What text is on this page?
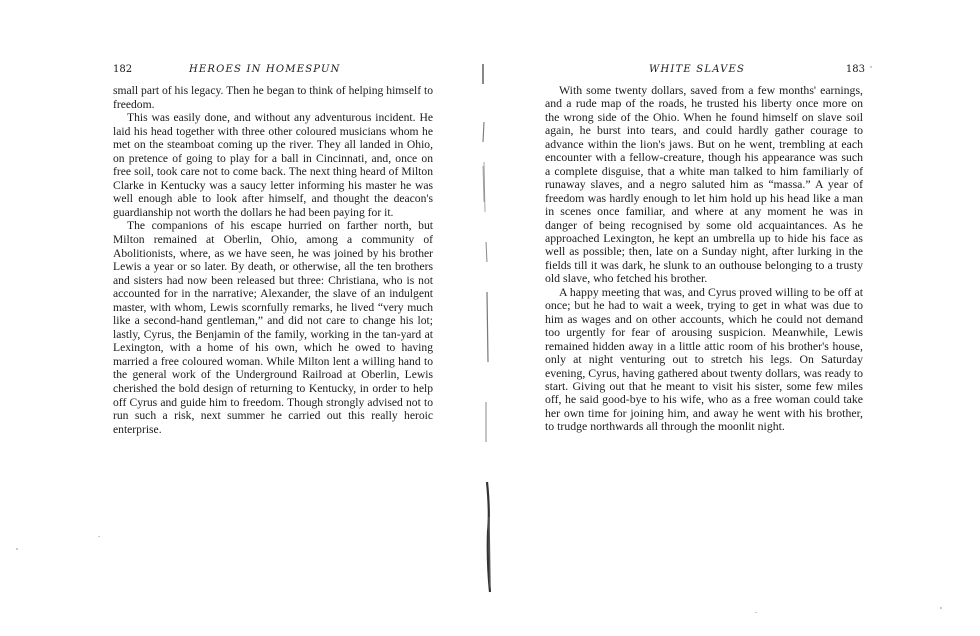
182	HEROES IN HOMESPUN

small part of his legacy. Then he began to think of helping himself to freedom.

This was easily done, and without any adventurous incident. He laid his head together with three other coloured musicians whom he met on the steamboat coming up the river. They all landed in Ohio, on pretence of going to play for a ball in Cincinnati, and, once on free soil, took care not to come back. The next thing heard of Milton Clarke in Kentucky was a saucy letter informing his master he was well enough able to look after himself, and thought the deacon's guardianship not worth the dollars he had been paying for it.

The companions of his escape hurried on farther north, but Milton remained at Oberlin, Ohio, among a community of Abolitionists, where, as we have seen, he was joined by his brother Lewis a year or so later. By death, or otherwise, all the ten brothers and sisters had now been released but three: Christiana, who is not accounted for in the narrative; Alexander, the slave of an indulgent master, with whom, Lewis scornfully remarks, he lived “very much like a second-hand gentleman,” and did not care to change his lot; lastly, Cyrus, the Benjamin of the family, working in the tan-yard at Lexington, with a home of his own, which he owed to having married a free coloured woman. While Milton lent a willing hand to the general work of the Underground Railroad at Oberlin, Lewis cherished the bold design of returning to Kentucky, in order to help off Cyrus and guide him to freedom. Though strongly advised not to run such a risk, next summer he carried out this really heroic enterprise.

WHITE SLAVES	183

With some twenty dollars, saved from a few months' earnings, and a rude map of the roads, he trusted his liberty once more on the wrong side of the Ohio. When he found himself on slave soil again, he burst into tears, and could hardly gather courage to advance within the lion's jaws. But on he went, trembling at each encounter with a fellow-creature, though his appearance was such a complete disguise, that a white man talked to him familiarly of runaway slaves, and a negro saluted him as “massa.” A year of freedom was hardly enough to let him hold up his head like a man in scenes once familiar, and where at any moment he was in danger of being recognised by some old acquaintances. As he approached Lexington, he kept an umbrella up to hide his face as well as possible; then, late on a Sunday night, after lurking in the fields till it was dark, he slunk to an outhouse belonging to a trusty old slave, who fetched his brother.

A happy meeting that was, and Cyrus proved willing to be off at once; but he had to wait a week, trying to get in what was due to him as wages and on other accounts, which he could not demand too urgently for fear of arousing suspicion. Meanwhile, Lewis remained hidden away in a little attic room of his brother's house, only at night venturing out to stretch his legs. On Saturday evening, Cyrus, having gathered about twenty dollars, was ready to start. Giving out that he meant to visit his sister, some few miles off, he said good-bye to his wife, who as a free woman could take her own time for joining him, and away he went with his brother, to trudge northwards all through the moonlit night.
